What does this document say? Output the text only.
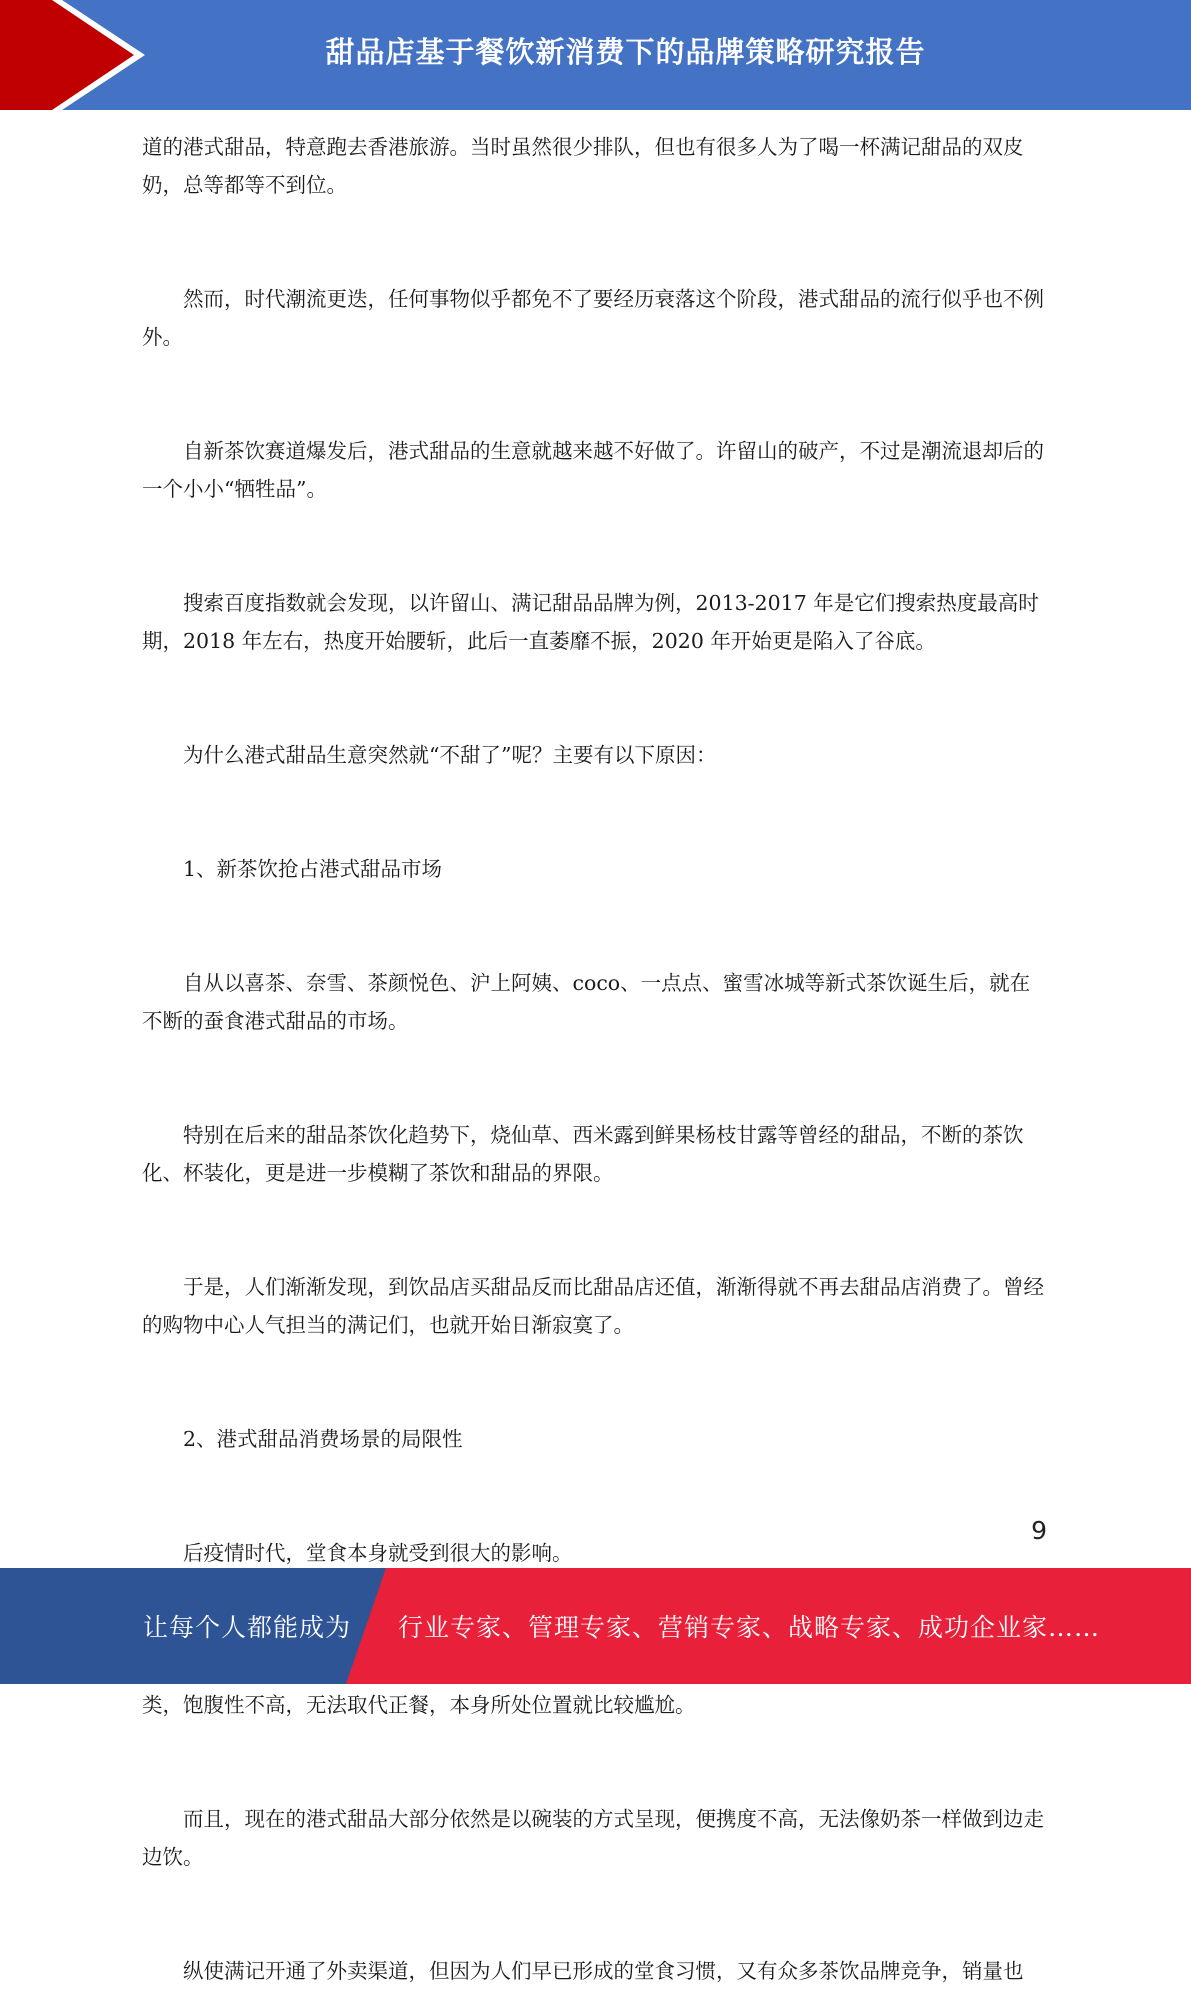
甜品店基于餐饮新消费下的品牌策略研究报告

道的港式甜品，特意跑去香港旅游。当时虽然很少排队，但也有很多人为了喝一杯满记甜品的双皮奶，总等都等不到位。

然而，时代潮流更迭，任何事物似乎都免不了要经历衰落这个阶段，港式甜品的流行似乎也不例外。

自新茶饮赛道爆发后，港式甜品的生意就越来越不好做了。许留山的破产，不过是潮流退却后的一个小小“牺牲品”。

搜索百度指数就会发现，以许留山、满记甜品品牌为例，2013-2017 年是它们搜索热度最高时期，2018 年左右，热度开始腰斩，此后一直萎靡不振，2020 年开始更是陷入了谷底。

为什么港式甜品生意突然就“不甜了”呢？主要有以下原因：

1、新茶饮抢占港式甜品市场

自从以喜茶、奈雪、茶颜悦色、沪上阿姨、coco、一点点、蜜雪冰城等新式茶饮诞生后，就在不断的蚕食港式甜品的市场。

特别在后来的甜品茶饮化趋势下，烧仙草、西米露到鲜果杨枝甘露等曾经的甜品，不断的茶饮化、杯装化，更是进一步模糊了茶饮和甜品的界限。

于是，人们渐渐发现，到饮品店买甜品反而比甜品店还值，渐渐得就不再去甜品店消费了。曾经的购物中心人气担当的满记们，也就开始日渐寂寞了。

2、港式甜品消费场景的局限性

后疫情时代，堂食本身就受到很大的影响。

类，饱腹性不高，无法取代正餐，本身所处位置就比较尴尬。

而且，现在的港式甜品大部分依然是以碗装的方式呈现，便携度不高，无法像奶茶一样做到边走边饮。

纵使满记开通了外卖渠道，但因为人们早已形成的堂食习惯，又有众多茶饮品牌竞争，销量也

9
让每个人都能成为 行业专家、管理专家、营销专家、战略专家、成功企业家……
